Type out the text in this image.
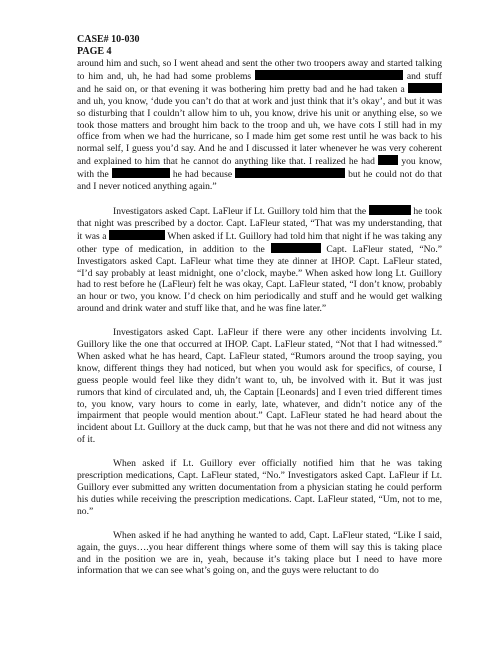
CASE# 10-030
PAGE 4

around him and such, so I went ahead and sent the other two troopers away and started talking to him and, uh, he had had some problems	and stuff and he said on, or that evening it was bothering him pretty bad and he had taken a  and uh, you know, ‘dude you can’t do that at work and just think that it’s okay’, and but it was so disturbing that I couldn’t allow him to uh, you know, drive his unit or anything else, so we took those matters and brought him back to the troop and uh, we have cots I still had in my office from when we had the hurricane, so I made him get some rest until he was back to his normal self, I guess you’d say. And he and I discussed it later whenever he was very coherent and explained to him that he cannot do anything like that. I realized he had	you know, with the	he had because	but he could not do that and I never noticed anything again.”

Investigators asked Capt. LaFleur if Lt. Guillory told him that the	he took that night was prescribed by a doctor. Capt. LaFleur stated, “That was my understanding, that it was a	When asked if Lt. Guillory had told him that night if he was taking any other type of medication, in addition to the	Capt. LaFleur stated, “No.” Investigators asked Capt. LaFleur what time they ate dinner at IHOP. Capt. LaFleur stated, “I’d say probably at least midnight, one o’clock, maybe.” When asked how long Lt. Guillory had to rest before he (LaFleur) felt he was okay, Capt. LaFleur stated, “I don’t know, probably an hour or two, you know. I’d check on him periodically and stuff and he would get walking around and drink water and stuff like that, and he was fine later.”

Investigators asked Capt. LaFleur if there were any other incidents involving Lt. Guillory like the one that occurred at IHOP. Capt. LaFleur stated, “Not that I had witnessed.” When asked what he has heard, Capt. LaFleur stated, “Rumors around the troop saying, you know, different things they had noticed, but when you would ask for specifics, of course, I guess people would feel like they didn’t want to, uh, be involved with it. But it was just rumors that kind of circulated and, uh, the Captain [Leonards] and I even tried different times to, you know, vary hours to come in early, late, whatever, and didn’t notice any of the impairment that people would mention about.” Capt. LaFleur stated he had heard about the incident about Lt. Guillory at the duck camp, but that he was not there and did not witness any of it.

When asked if Lt. Guillory ever officially notified him that he was taking prescription medications, Capt. LaFleur stated, “No.” Investigators asked Capt. LaFleur if Lt. Guillory ever submitted any written documentation from a physician stating he could perform his duties while receiving the prescription medications. Capt. LaFleur stated, “Um, not to me, no.”

When asked if he had anything he wanted to add, Capt. LaFleur stated, “Like I said, again, the guys….you hear different things where some of them will say this is taking place and in the position we are in, yeah, because it’s taking place but I need to have more information that we can see what’s going on, and the guys were reluctant to do
